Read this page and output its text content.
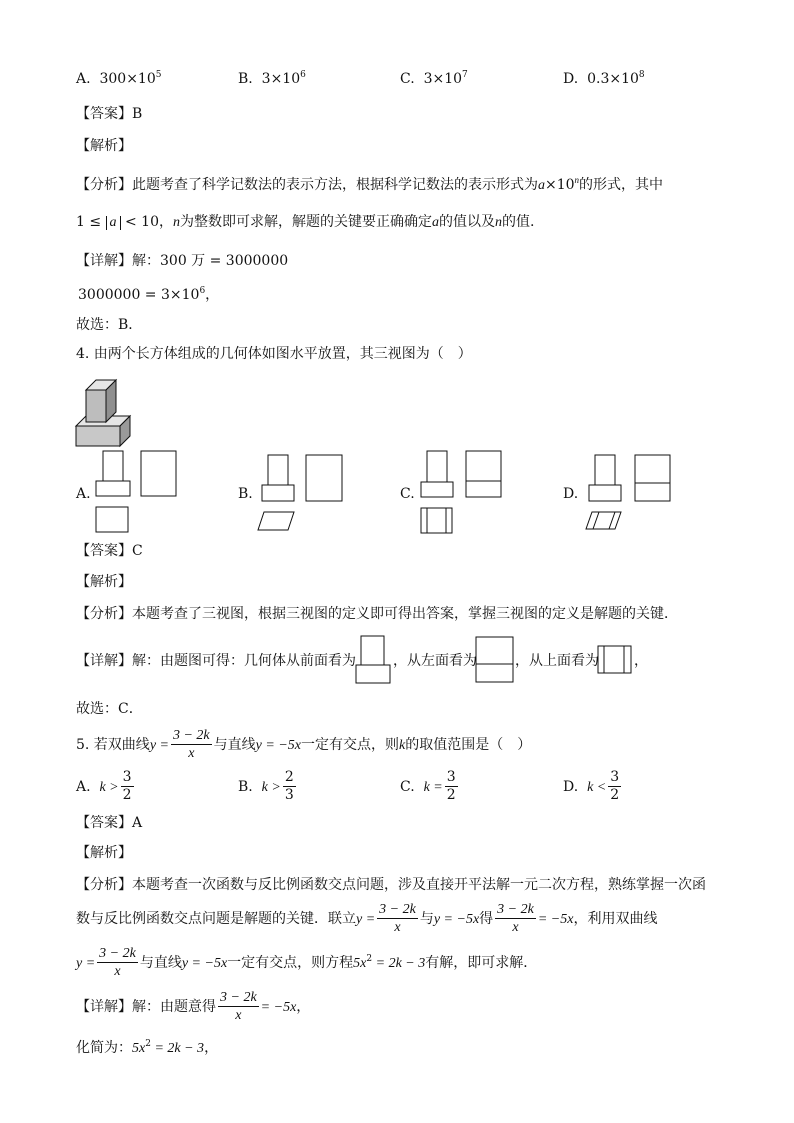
A. $300\times 10^5$	B. $3\times 10^6$	C. $3\times 10^7$	D. $0.3\times 10^8$
【答案】B
【解析】
【分析】此题考查了科学记数法的表示方法，根据科学记数法的表示形式为$a\times 10^n$的形式，其中
1 ≤ a < 10，n为整数即可求解，解题的关键要正确确定a的值以及n的值.
【详解】解：300 万 = 3000000
$3000000 = 3\times 10^6$，
故选：B．
4. 由两个长方体组成的几何体如图水平放置，其三视图为（　）
A.	B.	C.	D.
【答案】C
【解析】
【分析】本题考查了三视图，根据三视图的定义即可得出答案，掌握三视图的定义是解题的关键．
【详解】解：由题图可得：几何体从前面看为	，从左面看为	，从上面看为	，
故选：C．
5. 若双曲线$y = \frac{3 - 2k}{x}$ 与直线y = −5x一定有交点，则k的取值范围是（　）
A. $k > \frac{3}{2}$	B. $k > \frac{2}{3}$	C. $k = \frac{3}{2}$	D. $k < \frac{3}{2}$
【答案】A
【解析】
【分析】本题考查一次函数与反比例函数交点问题，涉及直接开平法解一元二次方程，熟练掌握一次函
数与反比例函数交点问题是解题的关键．联立$y = \frac{3 - 2k}{x}$ 与y = −5x得 $\frac{3 - 2k}{x} = -5x$，利用双曲线
$y = \frac{3 - 2k}{x}$ 与直线y = −5x一定有交点，则方程$5x^2 = 2k - 3$有解，即可求解．
【详解】解：由题意得 $\frac{3 - 2k}{x} = -5x$，
化简为：$5x^2 = 2k - 3$，
